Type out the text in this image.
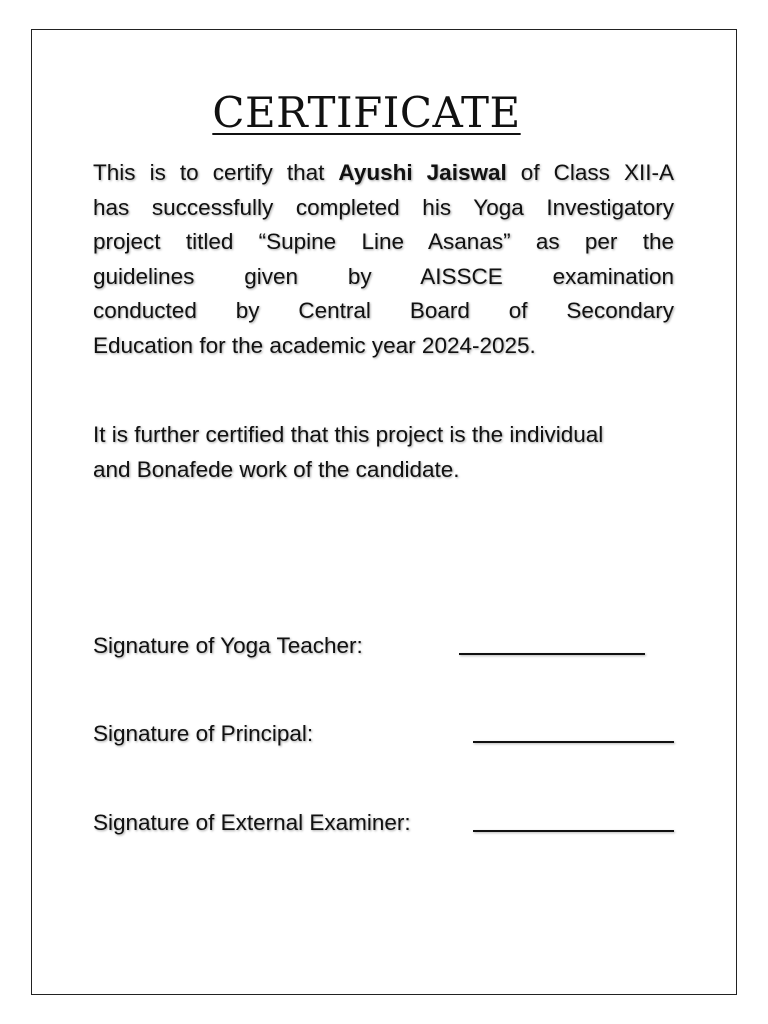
CERTIFICATE
This is to certify that Ayushi Jaiswal of Class XII-A
has successfully completed his Yoga Investigatory
project titled “Supine Line Asanas” as per the
guidelines given by AISSCE examination
conducted by Central Board of Secondary
Education for the academic year 2024-2025.
It is further certified that this project is the individual
and Bonafede work of the candidate.
Signature of Yoga Teacher:
Signature of Principal:
Signature of External Examiner:
